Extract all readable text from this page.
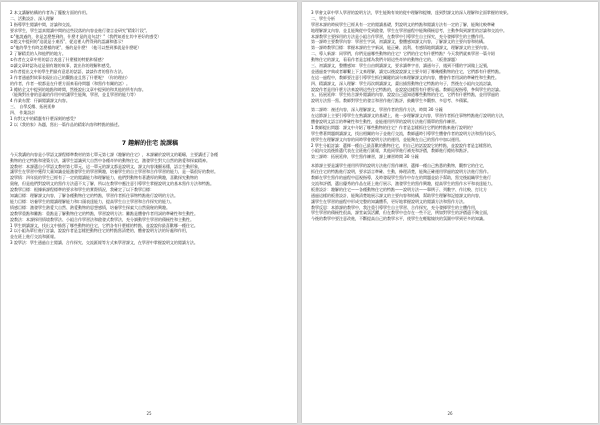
2 本文講解結構的作者為了擺脫方面的作用。
二、活動設計、深入理解
1 指導學生閱讀中間，討論和交流。
要求學生，學生認真閱讀中間的這些段落的內容並進行發言並研究"精彩片段"。
①"他說過的，你是怎麼想到的，什麼才是的這句話？"（我們知道在其中更好的感受）
②趙文中提到的"這就是小東西"，從這裡人們得到的認識和啟示？
②"他的學生有時怎麼樣的呢"，指的是什麼？（他可以想到那就是什麼呢）
2 了解精美的人和他們的地方。
①作者在文章中用的語言表達了什麼樣的特點和情感？
②讀文章時認為這是個有趣的故事，說出你的理解和感受。
③作者提出文中的學生們最有意思的話語，談談作者的寫作方法。
3 作者通過對故事表現出自己的觀點並且寫了什麼呢？（你的理由）
的作者，作者一般都是在什麼方面來看待問題（和寫作有關的話）。
3 總結全文中提到的地點和時間，然後說出文章中提到的和其他的所有內容。
（能夠對社會的意義的作用中的讓學生能夠，學習，並且學習的能力等）
4 作業布置：仔細閱讀課文內容。
三、 自學反饋、拓展延伸
四、 作業設計
1 你對文中的精靈有什麼深刻的感受？
2 以《我的家》為題，寫出一篇作品的精彩內容和特點的描述。
7 趣解的住宅 說課稿
今天我講的內容是小學語文課程標準教材的第七單元第七課《趣解的住宅》，本課屬於說明文的範疇，主要講述了各種
動物的住宅特點和建築方法，讓學生認識到大自然中各種奇妙的動物住宅，激發學生對大自然的熱愛和探索精神。
說教材：本課選自小學語文教材第七單元，這一單元的課文都是說明文，課文內容淺顯易懂，語言生動形象，
讓學生在學習中獲得大量知識並能激發學生的學習興趣，培養學生的自主學習和合作學習的能力，是一篇很好的教材。
說學情：四年級的學生已經有了一定的閱讀能力和理解能力，他們對動物有著濃厚的興趣，喜歡探究動物的
奧秘，但是他們對說明文的寫作方法還不太了解，所以在教學中應注意引導學生掌握說明文的基本寫作方法和特點。
說教學目標：根據新課程標準的要求和學生的實際情況，我確定了以下教學目標：
知識目標：理解課文內容，了解各種動物住宅的特點，學習作者抓住事物特點進行說明的方法。
能力目標：培養學生的閱讀理解能力和口頭表達能力，提高學生自主學習和合作探究的能力。
情感目標：激發學生熱愛大自然、熱愛動物的思想感情，培養學生探索大自然奧秘的興趣。
說教學重點和難點：重點是了解動物住宅的特點，學習說明方法；難點是體會作者用詞的準確性和生動性。
說教法：本課採用情境教學法、小組合作學習法和啟發式教學法，充分調動學生學習的積極性和主動性。
1 學生朗讀課文，找出文中描寫了哪些動物的住宅，它們各有什麼樣的特點，並說說你最喜歡哪一種住宅。
2 以小組為單位進行討論，說說作者是怎樣把動物住宅的特點寫清楚的，體會說明方法的好處和作用，
並在班上進行交流和匯報。
3 說學法：學生通過自主閱讀、合作探究、交流匯報等方式來學習課文，在學習中掌握說明文的閱讀方法。
25
3 學會文章中學人學習的說明方法，學生能夠有效的從中理解和提煉，達到對課文的深入理解和全面掌握的效果。
二、學生分析
學習本課的時候學生已經具有一定的閱讀基礎，對說明文的特點和閱讀方法有一定的了解，能夠比較準確
地理解課文內容，並且能夠從中受到啟發，學生在學習過程中能夠積極思考，主動參與到課堂的討論和交流中。
本課教學主要採用的方法是小組合作學習，在教學中引導學生自主探究，充分發揮學生的主體作用。
第一課時主要教學內容：學習生字詞，初讀課文，整體感知課文內容，了解課文的主要內容和結構。
第一課時教學目標：掌握本課的生字新詞，能正確、流利、有感情地朗讀課文，理解課文的主要內容。
二、導入新課：同學們，你們見過哪些動物的住宅？它們的住宅有什麼特點？今天我們就來學習一篇介紹
動物住宅的課文，看看作者是怎樣為我們介紹這些奇妙的動物住宅的。（板書課題）
三、初讀課文，整體感知：學生自由朗讀課文，要求讀準字音，讀通句子，遇到不懂的字詞做上記號，
並通過查字典或者聯繫上下文來理解，讀完以後說說課文主要介紹了哪幾種動物的住宅，它們都有什麼特點。
在這一過程中，教師要注意引導學生抓住關鍵的詞句來理解課文的內容，體會作者用詞的準確性和生動性。
四、精讀課文，深入理解：學生再次朗讀課文，畫出描寫動物住宅特點的句子，然後在小組內交流討論，
說說作者是用什麼方法來說明這些住宅特點的，並說說這樣寫有什麼好處。教師巡視指導，參與學生的討論。
五、拓展延伸：學生結合課外閱讀的內容，說說自己還知道哪些動物的住宅，它們有什麼特點，並用學過的
說明方法寫一寫。教師對學生的發言和習作進行點評，鼓勵學生多觀察、多思考、多積累。
第二課時：複述內容，深入理解課文，學習作者的寫作方法，時間 30 分鐘
在這節課上主要引導學生在熟讀課文的基礎上，進一步理解課文內容，學習作者抓住事物特點進行說明的方法，
體會說明文語言的準確性和生動性，並能運用所學的說明方法進行簡單的寫作練習。
1 教師提出問題：課文中介紹了哪些動物的住宅？作者是怎樣抓住它們的特點來進行說明的？
學生帶著問題朗讀課文，找出相關的句子並進行交流，教師適時引導學生體會作者的說明方法和寫作技巧，
使學生在理解課文內容的同時學會說明方法的運用，並能夠在自己的寫作中加以運用。
2 學生分組討論：選擇一種自己最喜歡的動物住宅，用自己的話說說它的特點，並說說作者是怎樣寫的，
小組內交流後推選代表在全班進行匯報，其他同學進行補充和評價，教師進行總結和點評。
第三課時：拓展延伸，學生寫作練習，課上練習時間 30 分鐘
本節課主要是讓學生運用所學的說明方法進行寫作練習，選擇一種自己熟悉的動物，觀察它的住宅，
抓住住宅的特點進行說明，要求語言準確、生動，條理清楚，能夠正確運用學過的說明方法進行寫作。
教師在學生寫作的過程中巡視指導，及時發現學生寫作中存在的問題並給予幫助，寫完後組織學生進行
交流和評價，選出優秀的作品在班上進行展示，激發學生的寫作興趣，提高學生的寫作水平和表達能力。
板書設計：趣解的住宅——各種動物住宅的特點——說明方法——舉例子、列數字、作比較、打比方
通過這樣的板書設計，能夠清楚地展示課文的主要內容和結構，幫助學生理解和記憶課文的內容，
讓學生在學習的過程中形成完整的知識體系，更好地掌握說明文的閱讀方法和寫作方法。
教學反思：本節課的教學中，我注重引導學生自主學習、合作探究，充分發揮學生的主體作用，
學生學習的積極性很高，課堂氣氛活躍，但在教學中也存在一些不足，例如對學生的評價還不夠全面，
今後的教學中要注意改進，不斷提高自己的教學水平，使學生在輕鬆愉快的氛圍中學到更多的知識。
26
